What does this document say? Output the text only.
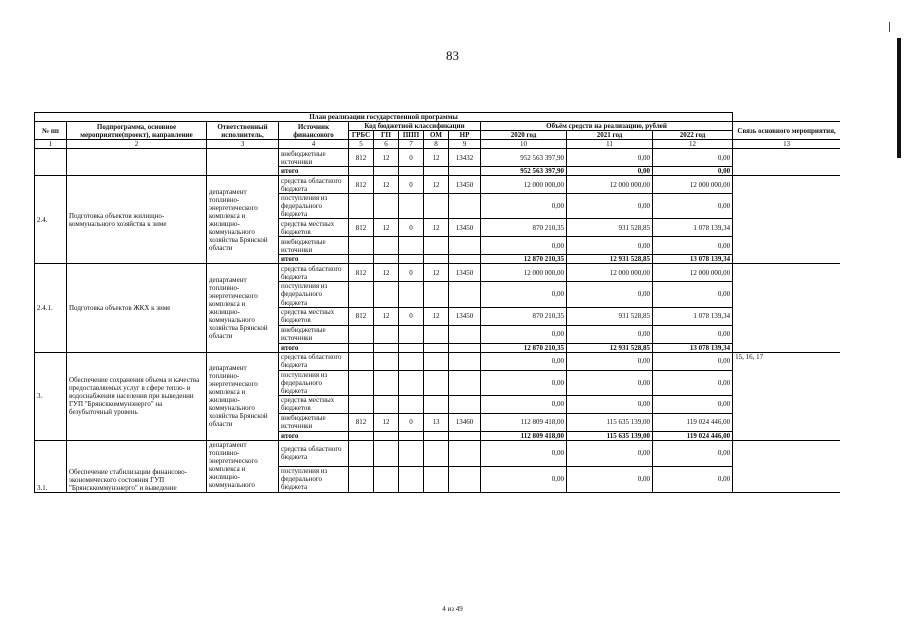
83
План реализации государственной программы												
№ пп	Подпрограмма, основное мероприятие(проект), направление	Ответственный исполнитель,	Источник финансового	Код бюджетной классификации					Объём средств на реализацию, рублей			Связь основного мероприятия,
				ГРБС	ГП	ППП	ОМ	НР	2020 год	2021 год	2022 год	
1	2	3	4	5	6	7	8	9	10	11	12	13
			внебюджетные источники	812	12	0	12	13432	952 563 397,90	0,00	0,00	
			итого						952 563 397,90	0,00	0,00	
2.4.	Подготовка объектов жилищно-коммунального хозяйства к зиме	департамент топливно-энергетического комплекса и жилищно-коммунального хозяйства Брянской области	средства областного бюджета	812	12	0	12	13450	12 000 000,00	12 000 000,00	12 000 000,00	
			поступления из федерального бюджета						0,00	0,00	0,00	
			средства местных бюджетов	812	12	0	12	13450	870 210,35	931 528,85	1 078 139,34	
			внебюджетные источники						0,00	0,00	0,00	
			итого						12 870 210,35	12 931 528,85	13 078 139,34	
2.4.1.	Подготовка объектов ЖКХ к зиме	департамент топливно-энергетического комплекса и жилищно-коммунального хозяйства Брянской области	средства областного бюджета	812	12	0	12	13450	12 000 000,00	12 000 000,00	12 000 000,00	
			поступления из федерального бюджета						0,00	0,00	0,00	
			средства местных бюджетов	812	12	0	12	13450	870 210,35	931 528,85	1 078 139,34	
			внебюджетные источники						0,00	0,00	0,00	
			итого						12 870 210,35	12 931 528,85	13 078 139,34	
3.	Обеспечение сохранения объема и качества предоставляемых услуг в сфере тепло- и водоснабжения населения при выведении ГУП "Брянсккоммунэнерго" на безубыточный уровень	департамент топливно-энергетического комплекса и жилищно-коммунального хозяйства Брянской области	средства областного бюджета						0,00	0,00	0,00	15, 16, 17
			поступления из федерального бюджета						0,00	0,00	0,00	
			средства местных бюджетов						0,00	0,00	0,00	
			внебюджетные источники	812	12	0	13	13460	112 809 418,00	115 635 139,00	119 024 446,00	
			итого						112 809 418,00	115 635 139,00	119 024 446,00	
3.1.	Обеспечение стабилизации финансово-экономического состояния ГУП "Брянсккоммунэнерго" и выведение	департамент топливно-энергетического комплекса и жилищно-коммунального	средства областного бюджета						0,00	0,00	0,00	
			поступления из федерального бюджета						0,00	0,00	0,00	
4 из 49
